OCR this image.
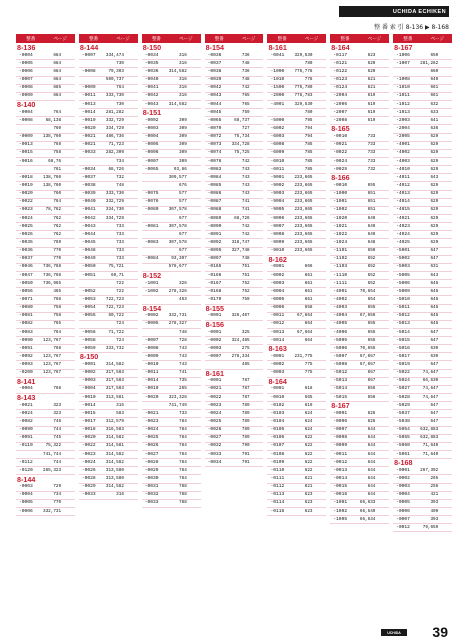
UCHIDA ECHIKEN
整 番 索 引 8-136 ▶ 8-168
整番	ページ
8-136
-0004	684
-0005	684
-0006	684
-0007	684
-0008	685
-0009	684
8-140
-0004	764
-0008	68,138
760
-0009	138,760
-0013	768
-0015	758
-0016	68,76
761
-0018	138,760
-0019	138,760
-0020	760
-0022	764
-0023	78,762
-0024	762
-0025	762
-0026	762
-0035	769
-0036	770
-0037	770
-0046	736,768
-0047	736,768
-0050	736,965
-0056	465
-0071	768
-0080	758
-0081	758
-0082	765
-0083	764
-0090	123,767
-0091	768
-0092	123,767
-0093	123,767
-0200	123,767
8-141
-0004	768
8-143
-0021	323
-0024	323
-0082	746
-0090	744
-0091	745
-0110	75,322
741,744
-0112	744
-0120	265,323
8-144
-0003	729
-0004	734
-0005	770
-0006	332,731
整番	ページ
8-144
-0007	334,474
730
-0008	79,303
500,737
-0009	764
-0011	333,730
-0013	730
-0014	281,282
-0019	332,729
-0020	334,729
-0021	486,736
-0021	71,723
-0033	282,309
734
-0034	68,726
-0037	732
-0038	748
-0039	333,730
-0040	332,729
-0041	334,730
-0042	334,729
-0043	733
-0044	733
-0045	733
-0048	733
-0049	733
-0050	75,721
-0051	60,71
722
-0052	722
-0053	722,723
-0054	722,723
-0055	60,722
724
-0056	71,722
-0058	724
-0059	333,732
8-150
-0001	314,582
-0002	317,583
-0003	317,583
-0004	317,583
-0010	313,581
-0014	315
-0015	583
-0017	312,579
-0018	316,583
-0020	314,582
-0022	314,581
-0023	314,582
-0024	314,582
-0026	313,580
-0028	313,580
-0029	314,582
-0033	316
整番	ページ
8-150
-0034	316
-0035	316
-0036	314,582
-0040	316
-0041	316
-0042	316
-0043	314,582
8-151
-0002	309
-0003	309
-0004	309
-0005	309
-0006	309
-0007	309
-0065	93,66
309,577
676
-0075	577
-0076	577
-0080	307,578
677
-0081	307,578
677
-0083	307,578
677
-0084	93,307
578,677
8-152
-1001	326
-1002	278,326
463
8-154
-0002	332,731
-0005	278,327
748
-0007	728
-0008	743
-0009	743
-0010	743
-0011	741
-0014	735
-0019	265
-0020	323,328
741,749
-0021	733
-0023	784
-0024	784
-0025	784
-0026	784
-0027	784
-0028	784
-0029	784
-0030	784
-0031	788
-0032	788
-0033	788
整番	ページ
8-154
-0036	736
-0037	748
-0038	736
-0039	748
-0042	742
-0043	765
-0044	765
-0045	759
-0065	68,737
-0070	727
-0072	75,734
-0073	334,728
-0074	75,725
-0076	742
-0083	743
-0084	743
-0085	743
-0086	743
-0087	741
-0088	741
-0089	68,726
-0090	742
-0091	742
-0092	318,747
-0095	327,748
-0097	748
-0165	751
-0166	751
-0167	752
-0168	752
-0170	759
8-155
-0001	326,407
8-156
-0001	325
-0002	324,485
-0003	275
-0007	278,334
485
8-161
-0001	787
-0021	787
-0022	787
-0023	789
-0024	789
-0025	789
-0026	789
-0027	789
-0032	790
-0033	791
-0034	791
整番	ページ
8-161
-0041	329,530
780
-1000	776,778
-1010	778
-1500	776,780
-2000	778,783
-4001	329,530
780
-5000	795
-6002	794
-6003	794
-6008	785
-6009	785
-6010	785
-6011	785
-9001	233,665
-9002	233,665
-9003	233,665
-9004	233,665
-9005	233,665
-9006	233,665
-9007	233,665
-9008	233,665
-9009	233,665
-9010	233,665
8-162
-0001	666
-0002	661
-0003	661
-0004	661
-0005	661
-0006	658
-0011	67,664
-0012	664
-0013	67,664
-0014	664
8-163
-0001	231,775
-0002	775
-0003	775
8-164
-0001	618
-0010	565
-0102	619
-0103	624
-0104	624
-0105	624
-0106	622
-0107	622
-0108	622
-0109	622
-0110	622
-0111	621
-0112	621
-0113	623
-0114	623
-0116	623
整番	ページ
8-164
-0117	623
-0121	620
-0122	620
-0123	621
-0124	621
-2004	619
-2006	619
-2007	619
-2008	619
8-165
-0010	733
-0021	733
-0022	733
-0024	733
-0025	732
8-166
-0010	655
-1000	651
-1001	651
-1002	651
-1020	649
-1021	649
-1022	649
-1024	648
-1101	650
-1102	652
-1103	652
-1110	652
-1111	652
-4001	70,654
-4002	654
-4003	655
-4004	67,656
-4005	655
-4006	655
-5005	655
-5006	70,655
-5007	67,657
-5008	67,657
-5012	657
-5013	657
-5014	656
-5015	656
8-167
-0001	626
-0006	626
-0007	644
-0008	644
-0009	644
-0011	644
-0012	644
-0013	644
-0014	644
-0015	644
-0016	644
-1001	66,633
-1002	66,649
-1005	66,634
整番	ページ
8-167
-1006	650
-1007	281,282
660
-1008	649
-1010	661
-1011	661
-1012	632
-1013	633
-2003	641
-2004	636
-2005	629
-4001	629
-4002	629
-4003	629
-4010	629
-4011	643
-4012	629
-4013	629
-4014	629
-4015	629
-4021	629
-4023	629
-4024	629
-4025	629
-5001	647
-5002	647
-5003	631
-5005	643
-5006	646
-5009	646
-5010	646
-5011	646
-5012	646
-5013	646
-5014	647
-5015	647
-5016	630
-5017	630
-5019	647
-5022	74,647
-5024	66,630
-5027	74,647
-5028	74,647
-5029	647
-5037	647
-5038	647
-5054	632,883
-5055	632,883
-5060	71,640
-5061	71,640
8-168
-0001	267,392
-0002	265
-0003	256
-0004	421
-0005	393
-0006	409
-0007	393
-0012	79,659
UCHIDA 39
